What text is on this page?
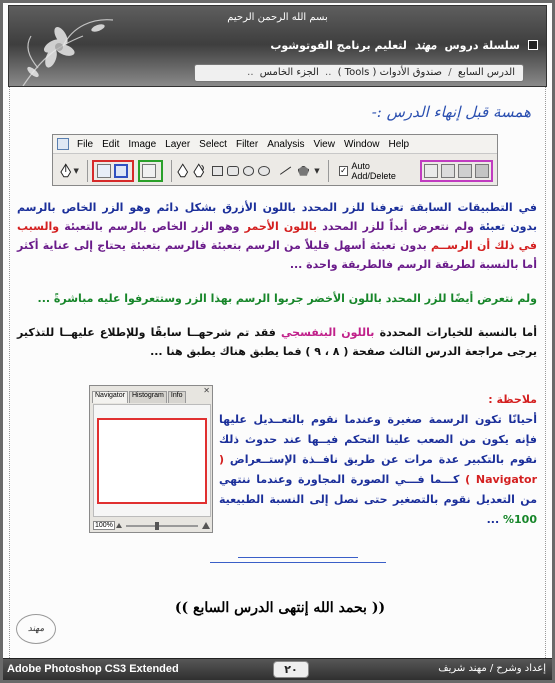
بسم الله الرحمن الرحيم
سلسلة دروس مهند لتعليم برنامج الفوتوشوب
الدرس السابع / صندوق الأدوات ( Tools ) .. الجزء الخامس ..
همسة قبل إنهاء الدرس :-
File Edit Image Layer Select Filter Analysis View Window Help
▼	▼	✓ Auto Add/Delete
في التطبيقات السابقة تعرفنا للزر المحدد باللون الأزرق بشكل دائم وهو الزر الخاص بالرسم بدون تعبئة ولم نتعرض أبداً للزر المحدد باللون الأحمر وهو الزر الخاص بالرسم بالتعبئة والسبب في ذلك أن الرســم بدون تعبئة أسهل قليلاً من الرسم بتعبئة فالرسم بتعبئة يحتاج إلى عناية أكثر أما بالنسبة لطريقة الرسم فالطريقة واحدة ...
ولم نتعرض أيضًا للزر المحدد باللون الأخضر جربوا الرسم بهذا الزر وستتعرفوا عليه مباشرةً ...
أما بالنسبة للخيارات المحددة باللون البنفسجي فقد تم شرحهــا سابقًا وللإطلاع عليهــا للتذكير يرجى مراجعة الدرس الثالث صفحة ( ٨ ، ٩ ) فما يطبق هناك يطبق هنا ...
✕
Navigator	Histogram	Info
100%
ملاحظة :
أحيانًا تكون الرسمة صغيرة وعندما نقوم بالتعــديل عليها فإنه يكون من الصعب علينا التحكم فيــها عند حدوث ذلك نقوم بالتكبير عدة مرات عن طريق نافــذة الإستــعراض ( Navigator ) كـــما فـــي الصورة المجاورة وعندما ننتهي من التعديل نقوم بالتصغير حتى نصل إلى النسبة الطبيعية 100% ...
(( بحمد الله إنتهى الدرس السابع ))
مهند
Adobe Photoshop CS3 Extended	٢٠	إعداد وشرح / مهند شريف
